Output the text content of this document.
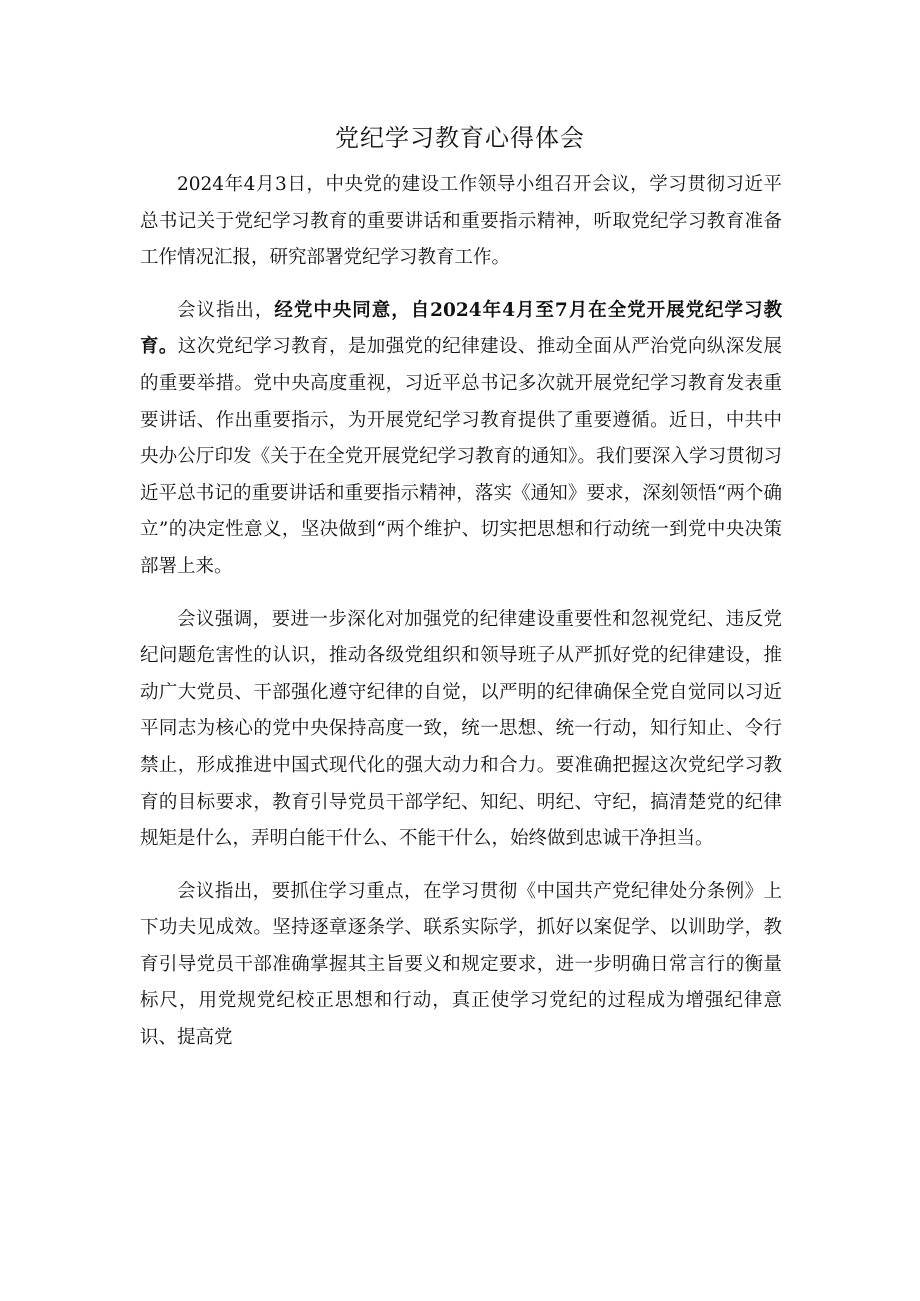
党纪学习教育心得体会

2024年4月3日，中央党的建设工作领导小组召开会议，学习贯彻习近平总书记关于党纪学习教育的重要讲话和重要指示精神，听取党纪学习教育准备工作情况汇报，研究部署党纪学习教育工作。

会议指出，经党中央同意，自2024年4月至7月在全党开展党纪学习教育。这次党纪学习教育，是加强党的纪律建设、推动全面从严治党向纵深发展的重要举措。党中央高度重视，习近平总书记多次就开展党纪学习教育发表重要讲话、作出重要指示，为开展党纪学习教育提供了重要遵循。近日，中共中央办公厅印发《关于在全党开展党纪学习教育的通知》。我们要深入学习贯彻习近平总书记的重要讲话和重要指示精神，落实《通知》要求，深刻领悟“两个确立”的决定性意义，坚决做到“两个维护、切实把思想和行动统一到党中央决策部署上来。

会议强调，要进一步深化对加强党的纪律建设重要性和忽视党纪、违反党纪问题危害性的认识，推动各级党组织和领导班子从严抓好党的纪律建设，推动广大党员、干部强化遵守纪律的自觉，以严明的纪律确保全党自觉同以习近平同志为核心的党中央保持高度一致，统一思想、统一行动，知行知止、令行禁止，形成推进中国式现代化的强大动力和合力。要准确把握这次党纪学习教育的目标要求，教育引导党员干部学纪、知纪、明纪、守纪，搞清楚党的纪律规矩是什么，弄明白能干什么、不能干什么，始终做到忠诚干净担当。

会议指出，要抓住学习重点，在学习贯彻《中国共产党纪律处分条例》上下功夫见成效。坚持逐章逐条学、联系实际学，抓好以案促学、以训助学，教育引导党员干部准确掌握其主旨要义和规定要求，进一步明确日常言行的衡量标尺，用党规党纪校正思想和行动，真正使学习党纪的过程成为增强纪律意识、提高党
